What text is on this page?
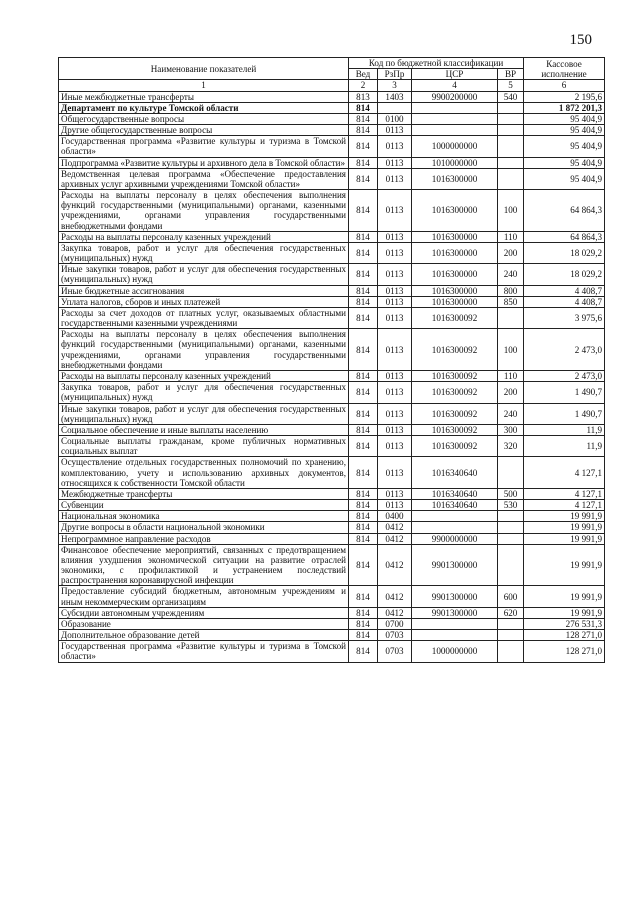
150
Наименование показателей	Код по бюджетной классификации				Кассовое исполнение
	Вед	РзПр	ЦСР	ВР	
1	2	3	4	5	6
Иные межбюджетные трансферты	813	1403	9900200000	540	2 195,6
Департамент по культуре Томской области	814				1 872 201,3
Общегосударственные вопросы	814	0100			95 404,9
Другие общегосударственные вопросы	814	0113			95 404,9
Государственная программа «Развитие культуры и туризма в Томской области»	814	0113	1000000000		95 404,9
Подпрограмма «Развитие культуры и архивного дела в Томской области»	814	0113	1010000000		95 404,9
Ведомственная целевая программа «Обеспечение предоставления архивных услуг архивными учреждениями Томской области»	814	0113	1016300000		95 404,9
Расходы на выплаты персоналу в целях обеспечения выполнения функций государственными (муниципальными) органами, казенными учреждениями, органами управления государственными внебюджетными фондами	814	0113	1016300000	100	64 864,3
Расходы на выплаты персоналу казенных учреждений	814	0113	1016300000	110	64 864,3
Закупка товаров, работ и услуг для обеспечения государственных (муниципальных) нужд	814	0113	1016300000	200	18 029,2
Иные закупки товаров, работ и услуг для обеспечения государственных (муниципальных) нужд	814	0113	1016300000	240	18 029,2
Иные бюджетные ассигнования	814	0113	1016300000	800	4 408,7
Уплата налогов, сборов и иных платежей	814	0113	1016300000	850	4 408,7
Расходы за счет доходов от платных услуг, оказываемых областными государственными казенными учреждениями	814	0113	1016300092		3 975,6
Расходы на выплаты персоналу в целях обеспечения выполнения функций государственными (муниципальными) органами, казенными учреждениями, органами управления государственными внебюджетными фондами	814	0113	1016300092	100	2 473,0
Расходы на выплаты персоналу казенных учреждений	814	0113	1016300092	110	2 473,0
Закупка товаров, работ и услуг для обеспечения государственных (муниципальных) нужд	814	0113	1016300092	200	1 490,7
Иные закупки товаров, работ и услуг для обеспечения государственных (муниципальных) нужд	814	0113	1016300092	240	1 490,7
Социальное обеспечение и иные выплаты населению	814	0113	1016300092	300	11,9
Социальные выплаты гражданам, кроме публичных нормативных социальных выплат	814	0113	1016300092	320	11,9
Осуществление отдельных государственных полномочий по хранению, комплектованию, учету и использованию архивных документов, относящихся к собственности Томской области	814	0113	1016340640		4 127,1
Межбюджетные трансферты	814	0113	1016340640	500	4 127,1
Субвенции	814	0113	1016340640	530	4 127,1
Национальная экономика	814	0400			19 991,9
Другие вопросы в области национальной экономики	814	0412			19 991,9
Непрограммное направление расходов	814	0412	9900000000		19 991,9
Финансовое обеспечение мероприятий, связанных с предотвращением влияния ухудшения экономической ситуации на развитие отраслей экономики, с профилактикой и устранением последствий распространения коронавирусной инфекции	814	0412	9901300000		19 991,9
Предоставление субсидий бюджетным, автономным учреждениям и иным некоммерческим организациям	814	0412	9901300000	600	19 991,9
Субсидии автономным учреждениям	814	0412	9901300000	620	19 991,9
Образование	814	0700			276 531,3
Дополнительное образование детей	814	0703			128 271,0
Государственная программа «Развитие культуры и туризма в Томской области»	814	0703	1000000000		128 271,0
